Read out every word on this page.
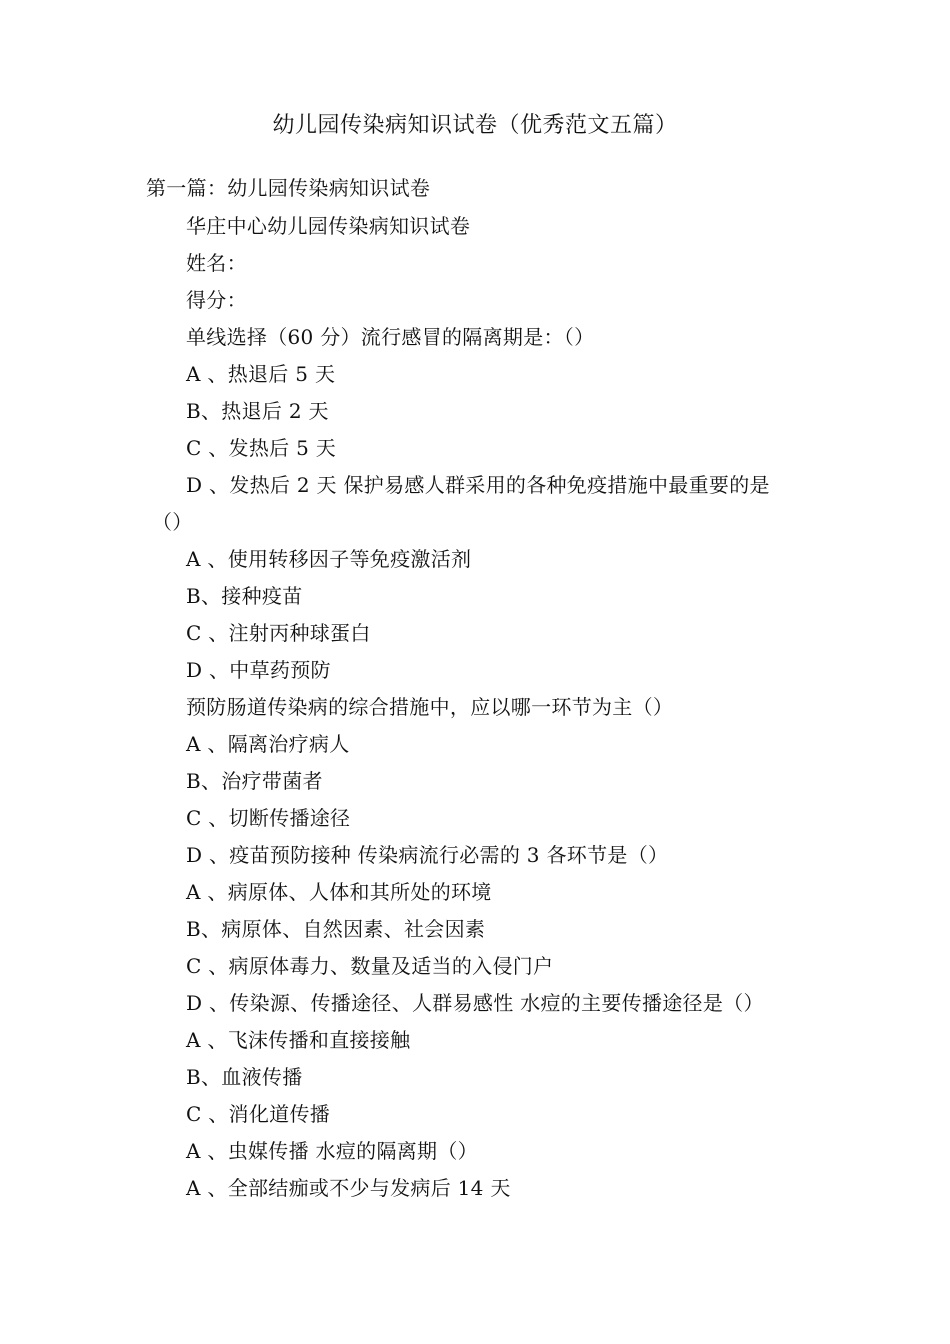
幼儿园传染病知识试卷（优秀范文五篇）
第一篇：幼儿园传染病知识试卷
华庄中心幼儿园传染病知识试卷
姓名：
得分：
单线选择（60 分）流行感冒的隔离期是：（）
A 、热退后 5 天
B、热退后 2 天
C 、发热后 5 天
D 、发热后 2 天 保护易感人群采用的各种免疫措施中最重要的是
（）
A 、使用转移因子等免疫激活剂
B、接种疫苗
C 、注射丙种球蛋白
D 、中草药预防
预防肠道传染病的综合措施中，应以哪一环节为主（）
A 、隔离治疗病人
B、治疗带菌者
C 、切断传播途径
D 、疫苗预防接种 传染病流行必需的 3 各环节是（）
A 、病原体、人体和其所处的环境
B、病原体、自然因素、社会因素
C 、病原体毒力、数量及适当的入侵门户
D 、传染源、传播途径、人群易感性 水痘的主要传播途径是（）
A 、飞沫传播和直接接触
B、血液传播
C 、消化道传播
A 、虫媒传播 水痘的隔离期（）
A 、全部结痂或不少与发病后 14 天
